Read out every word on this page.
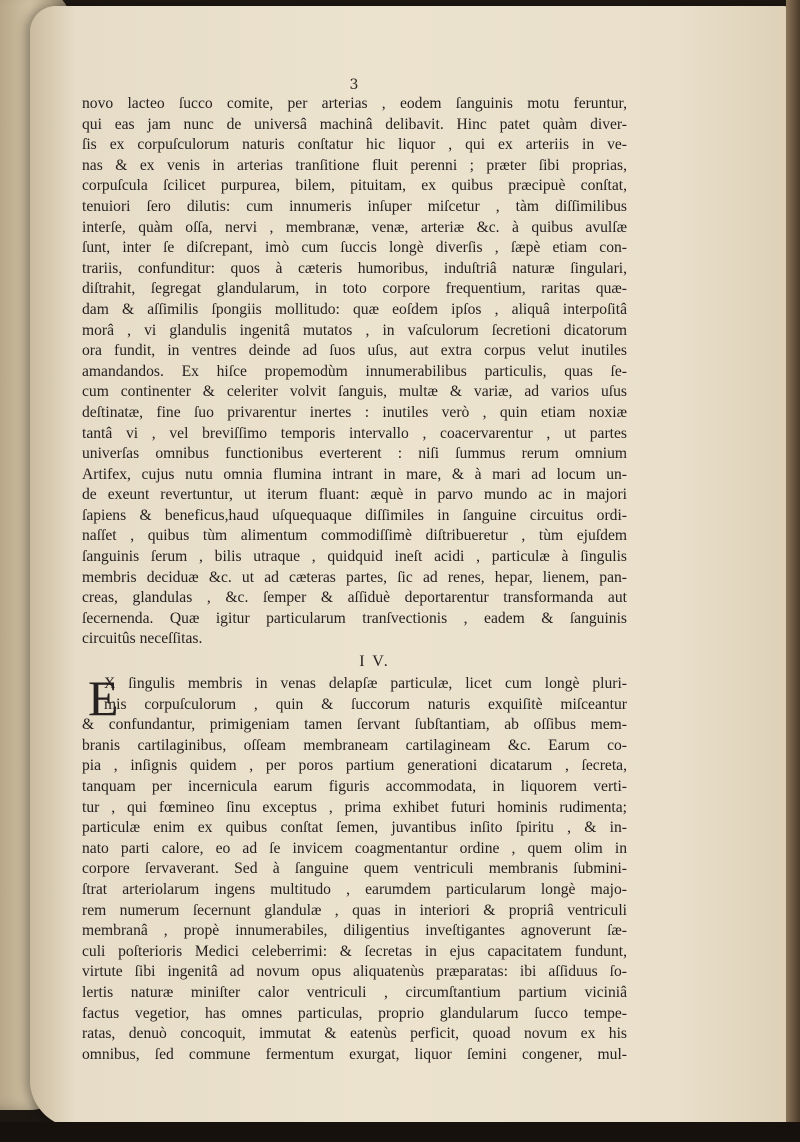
3
novo lacteo ſucco comite, per arterias , eodem ſanguinis motu feruntur,
qui eas jam nunc de universâ machinâ delibavit. Hinc patet quàm diver-
ſis ex corpuſculorum naturis conſtatur hic liquor , qui ex arteriis in ve-
nas & ex venis in arterias tranſitione fluit perenni ; præter ſibi proprias,
corpuſcula ſcilicet purpurea, bilem, pituitam, ex quibus præcipuè conſtat,
tenuiori ſero dilutis: cum innumeris inſuper miſcetur , tàm diſſimilibus
interſe, quàm oſſa, nervi , membranæ, venæ, arteriæ &c. à quibus avulſæ
ſunt, inter ſe diſcrepant, imò cum ſuccis longè diverſis , ſæpè etiam con-
trariis, confunditur: quos à cæteris humoribus, induſtriâ naturæ ſingulari,
diſtrahit, ſegregat glandularum, in toto corpore frequentium, raritas quæ-
dam & aſſimilis ſpongiis mollitudo: quæ eoſdem ipſos , aliquâ interpoſitâ
morâ , vi glandulis ingenitâ mutatos , in vaſculorum ſecretioni dicatorum
ora fundit, in ventres deinde ad ſuos uſus, aut extra corpus velut inutiles
amandandos. Ex hiſce propemodùm innumerabilibus particulis, quas ſe-
cum continenter & celeriter volvit ſanguis, multæ & variæ, ad varios uſus
deſtinatæ, fine ſuo privarentur inertes : inutiles verò , quin etiam noxiæ
tantâ vi , vel breviſſimo temporis intervallo , coacervarentur , ut partes
univerſas omnibus functionibus everterent : niſi ſummus rerum omnium
Artifex, cujus nutu omnia flumina intrant in mare, & à mari ad locum un-
de exeunt revertuntur, ut iterum fluant: æquè in parvo mundo ac in majori
ſapiens & beneficus,haud uſquequaque diſſimiles in ſanguine circuitus ordi-
naſſet , quibus tùm alimentum commodiſſimè diſtribueretur , tùm ejuſdem
ſanguinis ſerum , bilis utraque , quidquid ineſt acidi , particulæ à ſingulis
membris deciduæ &c. ut ad cæteras partes, ſic ad renes, hepar, lienem, pan-
creas, glandulas , &c. ſemper & aſſiduè deportarentur transformanda aut
ſecernenda. Quæ igitur particularum tranſvectionis , eadem & ſanguinis
circuitûs neceſſitas.
I V.
E
X ſingulis membris in venas delapſæ particulæ, licet cum longè pluri-
mis corpuſculorum , quin & ſuccorum naturis exquiſitè miſceantur
& confundantur, primigeniam tamen ſervant ſubſtantiam, ab oſſibus mem-
branis cartilaginibus, oſſeam membraneam cartilagineam &c. Earum co-
pia , inſignis quidem , per poros partium generationi dicatarum , ſecreta,
tanquam per incernicula earum figuris accommodata, in liquorem verti-
tur , qui fœmineo ſinu exceptus , prima exhibet futuri hominis rudimenta;
particulæ enim ex quibus conſtat ſemen, juvantibus inſito ſpiritu , & in-
nato parti calore, eo ad ſe invicem coagmentantur ordine , quem olim in
corpore ſervaverant. Sed à ſanguine quem ventriculi membranis ſubmini-
ſtrat arteriolarum ingens multitudo , earumdem particularum longè majo-
rem numerum ſecernunt glandulæ , quas in interiori & propriâ ventriculi
membranâ , propè innumerabiles, diligentius inveſtigantes agnoverunt ſæ-
culi poſterioris Medici celeberrimi: & ſecretas in ejus capacitatem fundunt,
virtute ſibi ingenitâ ad novum opus aliquatenùs præparatas: ibi aſſiduus ſo-
lertis naturæ miniſter calor ventriculi , circumſtantium partium viciniâ
factus vegetior, has omnes particulas, proprio glandularum ſucco tempe-
ratas, denuò concoquit, immutat & eatenùs perficit, quoad novum ex his
omnibus, ſed commune fermentum exurgat, liquor ſemini congener, mul-
